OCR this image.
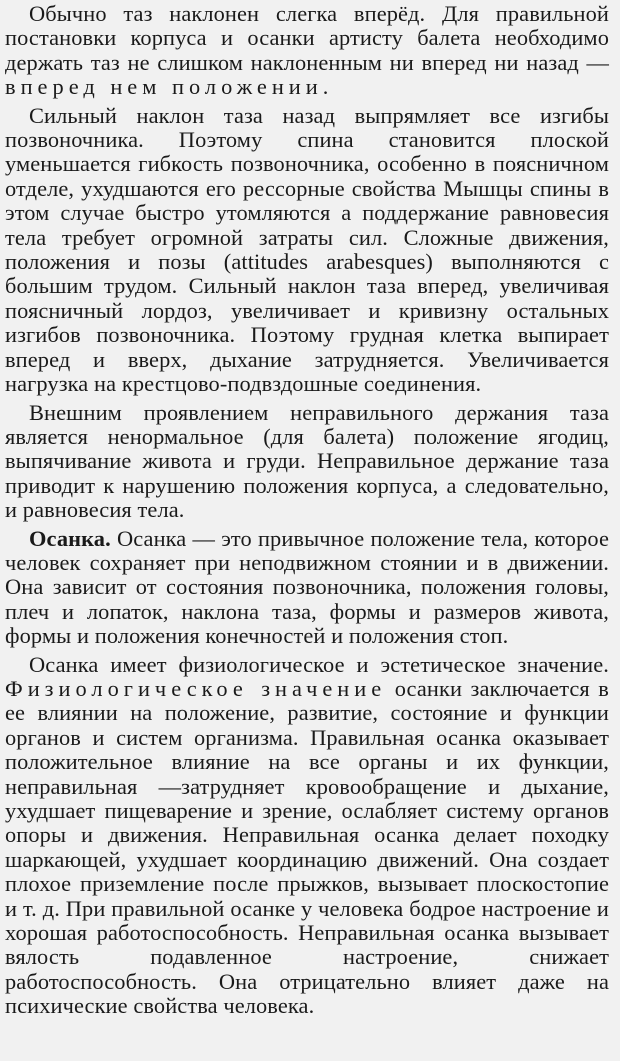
Обычно таз наклонен слегка вперёд. Для правильной постановки корпуса и осанки артисту балета необходимо держать таз не слишком наклоненным ни вперед ни назад — вперед нем положении.

Сильный наклон таза назад выпрямляет все изгибы позвоночника. Поэтому спина становится плоской уменьшается гибкость позвоночника, особенно в поясничном отделе, ухудшаются его рессорные свойства Мышцы спины в этом случае быстро утомляются а поддержание равновесия тела требует огромной затраты сил. Сложные движения, положения и позы (attitudes arabesques) выполняются с большим трудом. Сильный наклон таза вперед, увеличивая поясничный лордоз, увеличивает и кривизну остальных изгибов позвоночника. Поэтому грудная клетка выпирает вперед и вверх, дыхание затрудняется. Увеличивается нагрузка на крестцово-подвздошные соединения.

Внешним проявлением неправильного держания таза является ненормальное (для балета) положение ягодиц, выпячивание живота и груди. Неправильное держание таза приводит к нарушению положения корпуса, а следовательно, и равновесия тела.

Осанка. Осанка — это привычное положение тела, которое человек сохраняет при неподвижном стоянии и в движении. Она зависит от состояния позвоночника, положения головы, плеч и лопаток, наклона таза, формы и размеров живота, формы и положения конечностей и положения стоп.

Осанка имеет физиологическое и эстетическое значение. Физиологическое значение осанки заключается в ее влиянии на положение, развитие, состояние и функции органов и систем организма. Правильная осанка оказывает положительное влияние на все органы и их функции, неправильная —затрудняет кровообращение и дыхание, ухудшает пищеварение и зрение, ослабляет систему органов опоры и движения. Неправильная осанка делает походку шаркающей, ухудшает координацию движений. Она создает плохое приземление после прыжков, вызывает плоскостопие и т. д. При правильной осанке у человека бодрое настроение и хорошая работоспособность. Неправильная осанка вызывает вялость подавленное настроение, снижает работоспособность. Она отрицательно влияет даже на психические свойства человека.
